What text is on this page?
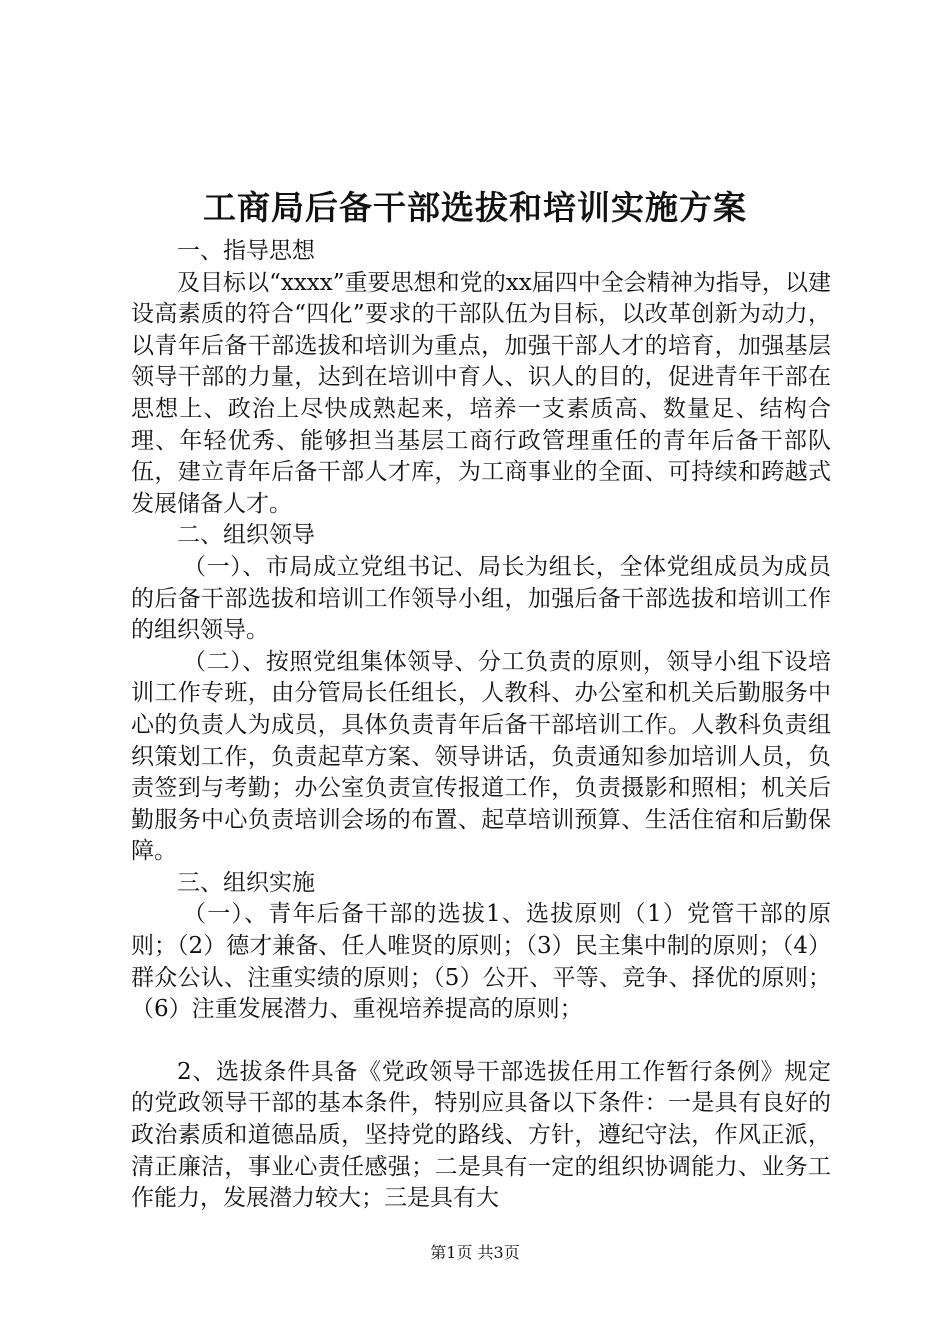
工商局后备干部选拔和培训实施方案

一、指导思想

及目标以“xxxx”重要思想和党的xx届四中全会精神为指导，以建设高素质的符合“四化”要求的干部队伍为目标，以改革创新为动力，以青年后备干部选拔和培训为重点，加强干部人才的培育，加强基层领导干部的力量，达到在培训中育人、识人的目的，促进青年干部在思想上、政治上尽快成熟起来，培养一支素质高、数量足、结构合理、年轻优秀、能够担当基层工商行政管理重任的青年后备干部队伍，建立青年后备干部人才库，为工商事业的全面、可持续和跨越式发展储备人才。

二、组织领导

（一）、市局成立党组书记、局长为组长，全体党组成员为成员的后备干部选拔和培训工作领导小组，加强后备干部选拔和培训工作的组织领导。

（二）、按照党组集体领导、分工负责的原则，领导小组下设培训工作专班，由分管局长任组长，人教科、办公室和机关后勤服务中心的负责人为成员，具体负责青年后备干部培训工作。人教科负责组织策划工作，负责起草方案、领导讲话，负责通知参加培训人员，负责签到与考勤；办公室负责宣传报道工作，负责摄影和照相；机关后勤服务中心负责培训会场的布置、起草培训预算、生活住宿和后勤保障。

三、组织实施

（一）、青年后备干部的选拔1、选拔原则（1）党管干部的原则；（2）德才兼备、任人唯贤的原则；（3）民主集中制的原则；（4）群众公认、注重实绩的原则；（5）公开、平等、竞争、择优的原则；（6）注重发展潜力、重视培养提高的原则；

2、选拔条件具备《党政领导干部选拔任用工作暂行条例》规定的党政领导干部的基本条件，特别应具备以下条件：一是具有良好的政治素质和道德品质，坚持党的路线、方针，遵纪守法，作风正派，清正廉洁，事业心责任感强；二是具有一定的组织协调能力、业务工作能力，发展潜力较大；三是具有大

第1页 共3页
